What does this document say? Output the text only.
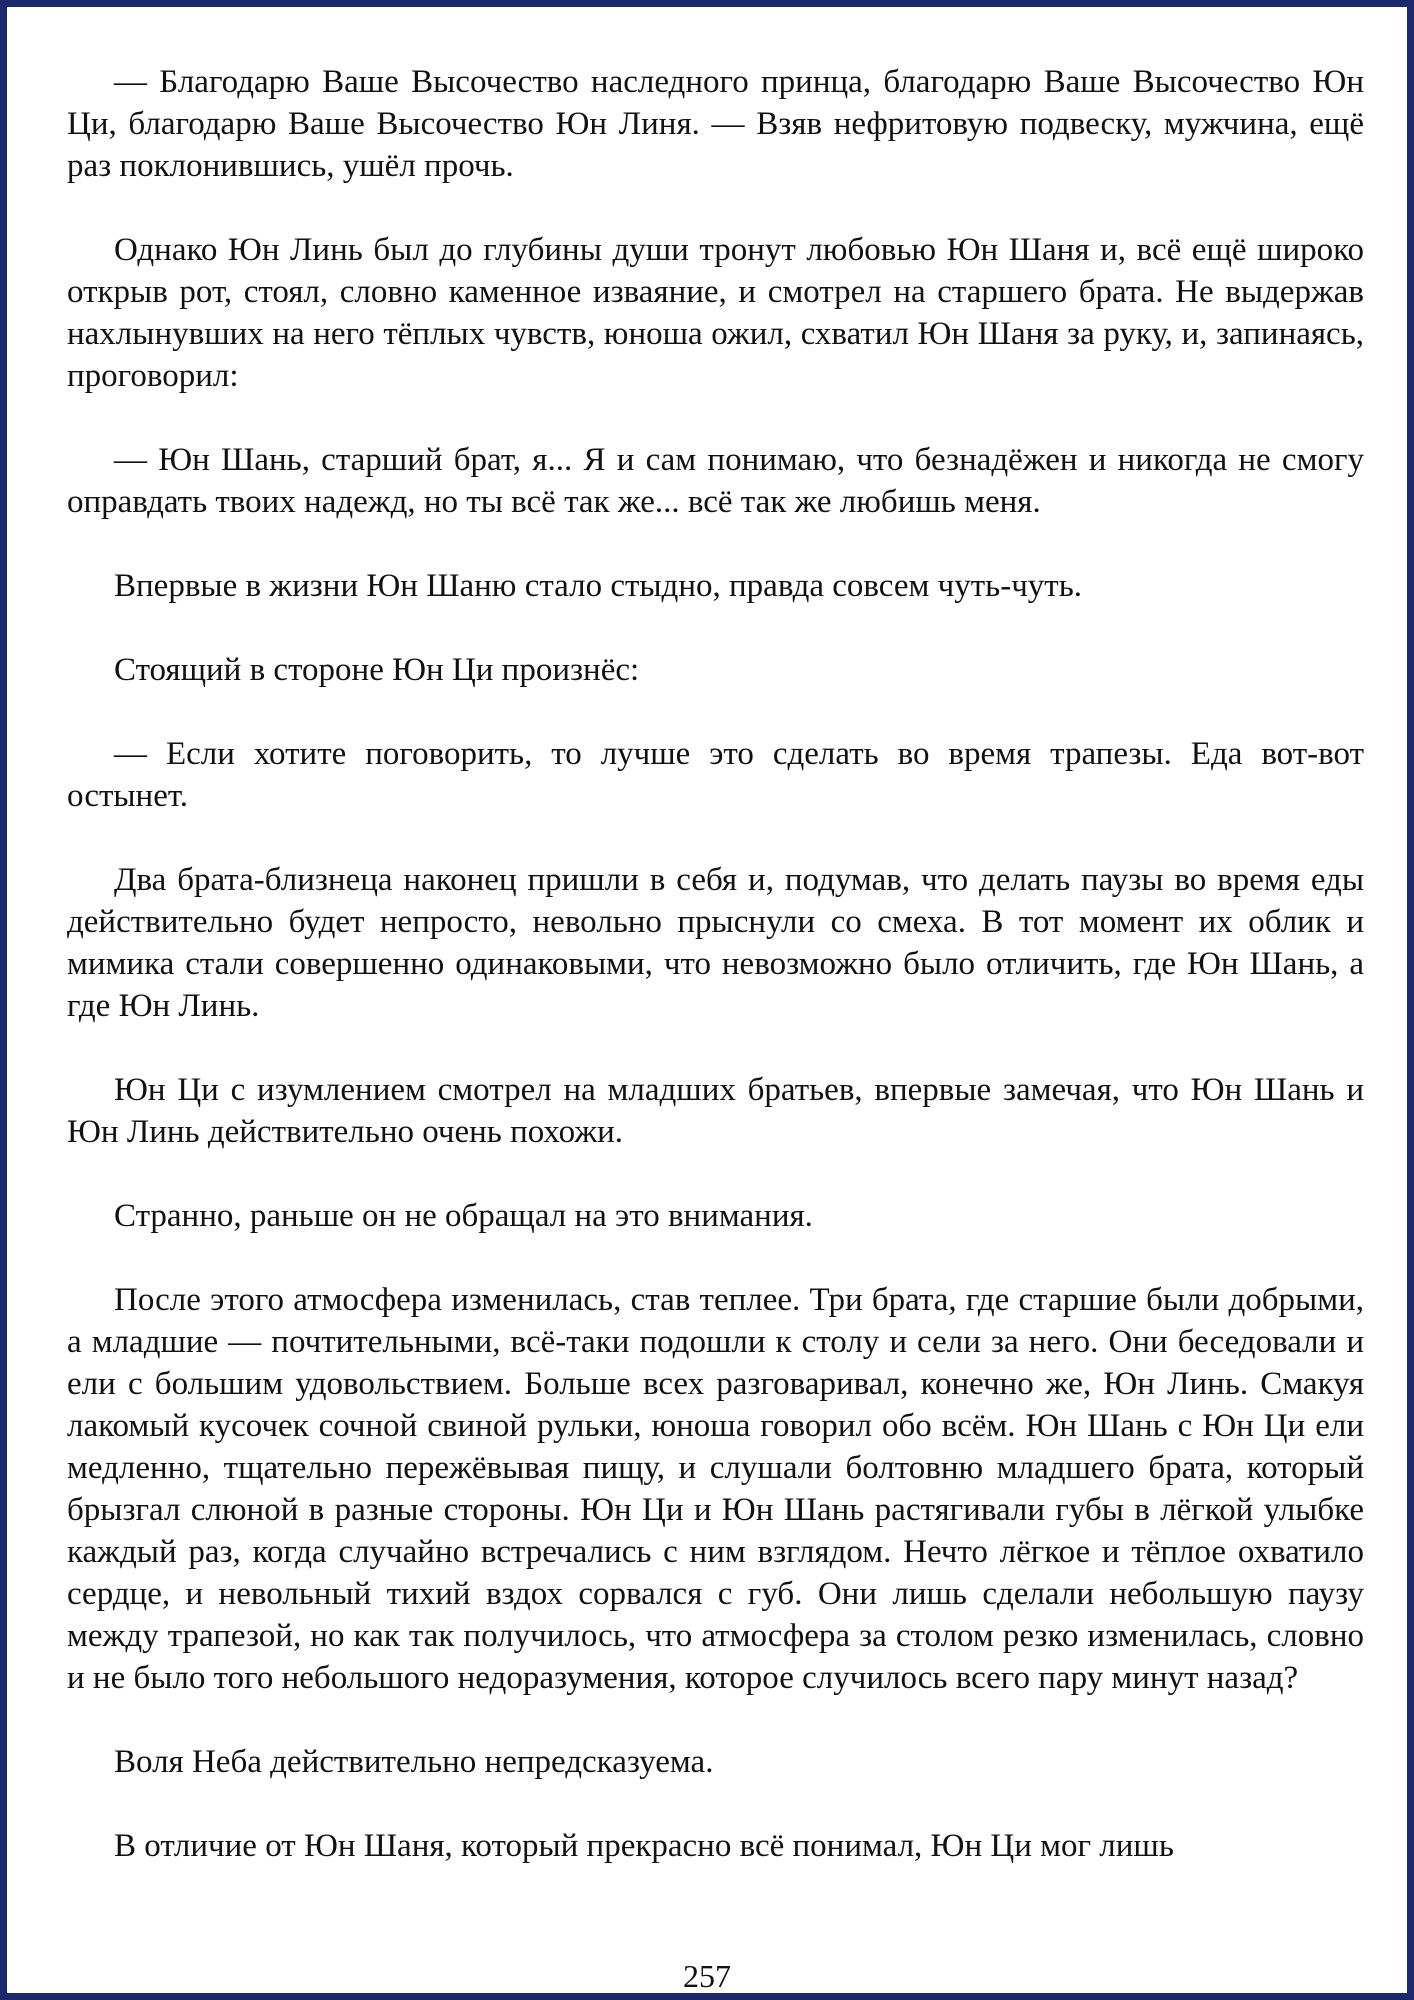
— Благодарю Ваше Высочество наследного принца, благодарю Ваше Высочество Юн Ци, благодарю Ваше Высочество Юн Линя. — Взяв нефритовую подвеску, мужчина, ещё раз поклонившись, ушёл прочь.

Однако Юн Линь был до глубины души тронут любовью Юн Шаня и, всё ещё широко открыв рот, стоял, словно каменное изваяние, и смотрел на старшего брата. Не выдержав нахлынувших на него тёплых чувств, юноша ожил, схватил Юн Шаня за руку, и, запинаясь, проговорил:

— Юн Шань, старший брат, я... Я и сам понимаю, что безнадёжен и никогда не смогу оправдать твоих надежд, но ты всё так же... всё так же любишь меня.

Впервые в жизни Юн Шаню стало стыдно, правда совсем чуть-чуть.

Стоящий в стороне Юн Ци произнёс:

— Если хотите поговорить, то лучше это сделать во время трапезы. Еда вот-вот остынет.

Два брата-близнеца наконец пришли в себя и, подумав, что делать паузы во время еды действительно будет непросто, невольно прыснули со смеха. В тот момент их облик и мимика стали совершенно одинаковыми, что невозможно было отличить, где Юн Шань, а где Юн Линь.

Юн Ци с изумлением смотрел на младших братьев, впервые замечая, что Юн Шань и Юн Линь действительно очень похожи.

Странно, раньше он не обращал на это внимания.

После этого атмосфера изменилась, став теплее. Три брата, где старшие были добрыми, а младшие — почтительными, всё-таки подошли к столу и сели за него. Они беседовали и ели с большим удовольствием. Больше всех разговаривал, конечно же, Юн Линь. Смакуя лакомый кусочек сочной свиной рульки, юноша говорил обо всём. Юн Шань с Юн Ци ели медленно, тщательно пережёвывая пищу, и слушали болтовню младшего брата, который брызгал слюной в разные стороны. Юн Ци и Юн Шань растягивали губы в лёгкой улыбке каждый раз, когда случайно встречались с ним взглядом. Нечто лёгкое и тёплое охватило сердце, и невольный тихий вздох сорвался с губ. Они лишь сделали небольшую паузу между трапезой, но как так получилось, что атмосфера за столом резко изменилась, словно и не было того небольшого недоразумения, которое случилось всего пару минут назад?

Воля Неба действительно непредсказуема.

В отличие от Юн Шаня, который прекрасно всё понимал, Юн Ци мог лишь

257
